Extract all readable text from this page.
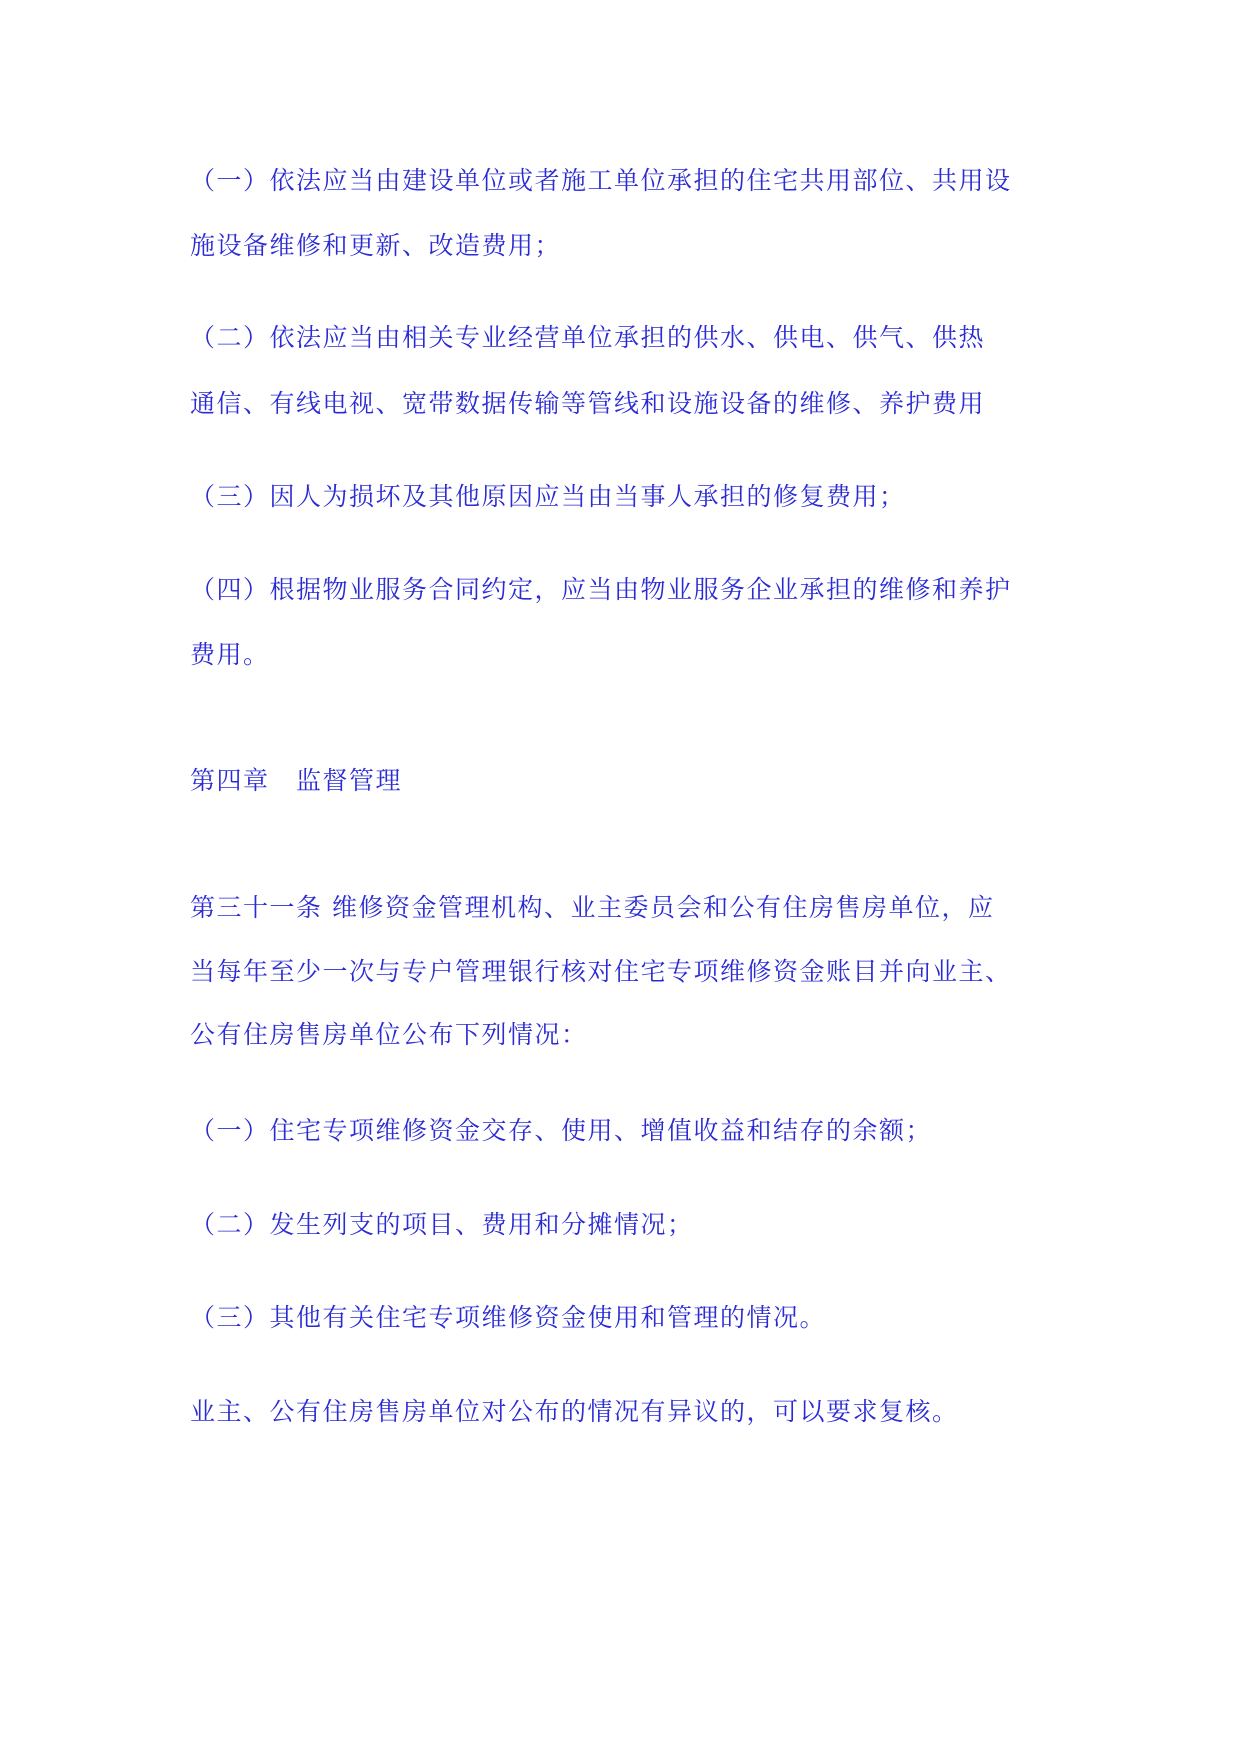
（一）依法应当由建设单位或者施工单位承担的住宅共用部位、共用设

施设备维修和更新、改造费用；

（二）依法应当由相关专业经营单位承担的供水、供电、供气、供热

通信、有线电视、宽带数据传输等管线和设施设备的维修、养护费用

（三）因人为损坏及其他原因应当由当事人承担的修复费用；

（四）根据物业服务合同约定，应当由物业服务企业承担的维修和养护

费用。

第四章　监督管理

第三十一条 维修资金管理机构、业主委员会和公有住房售房单位，应

当每年至少一次与专户管理银行核对住宅专项维修资金账目并向业主、

公有住房售房单位公布下列情况：

（一）住宅专项维修资金交存、使用、增值收益和结存的余额；

（二）发生列支的项目、费用和分摊情况；

（三）其他有关住宅专项维修资金使用和管理的情况。

业主、公有住房售房单位对公布的情况有异议的，可以要求复核。
